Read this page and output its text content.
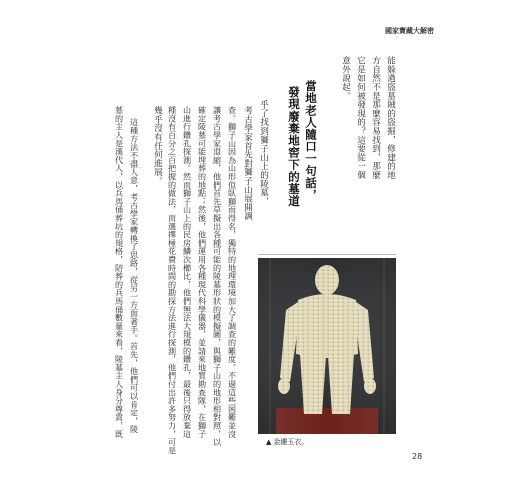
國家寶藏大解密
能躲過盜墓賊的盜掘，修建的地
方自然不是那麼容易找到，那麼
它是如何被發現的？這要從一個
意外說起。
當地老人隨口一句話，
發現廢棄地窖下的墓道
乎了找到獅子山上的陵墓，
考古學家首先對獅子山展開調
查。獅子山因為山形似臥獅而得名，獨特的地理環境加大了調查的難度。不過這些困難並沒
讓考古學家退縮，他們首先草擬出各種可能的陵墓形狀的模擬圖，與獅子山的地形相對照，以
確定陵墓可能埋葬的地點；然後，他們運用各種現代科學儀器，並請來地質勘查隊，在獅子
山進行鑽孔探測。然而獅子山上的民房鱗次櫛比，他們無法大規模的鑽孔，最後只得放棄這
種沒有百分之百把握的做法，而選擇極花費時間的勘探方法進行探測，他們付出許多努力，可是
幾乎沒有任何進展。
這種方法不盡人意，考古學家轉換了思路，從另一方面著手。首先，他們可以肯定，陵
墓的主人是漢代人，以兵馬俑葬坑的規格，陪葬的兵馬俑數量來看，陵墓主人身分尊貴，既
▲ 金縷玉衣。
28
